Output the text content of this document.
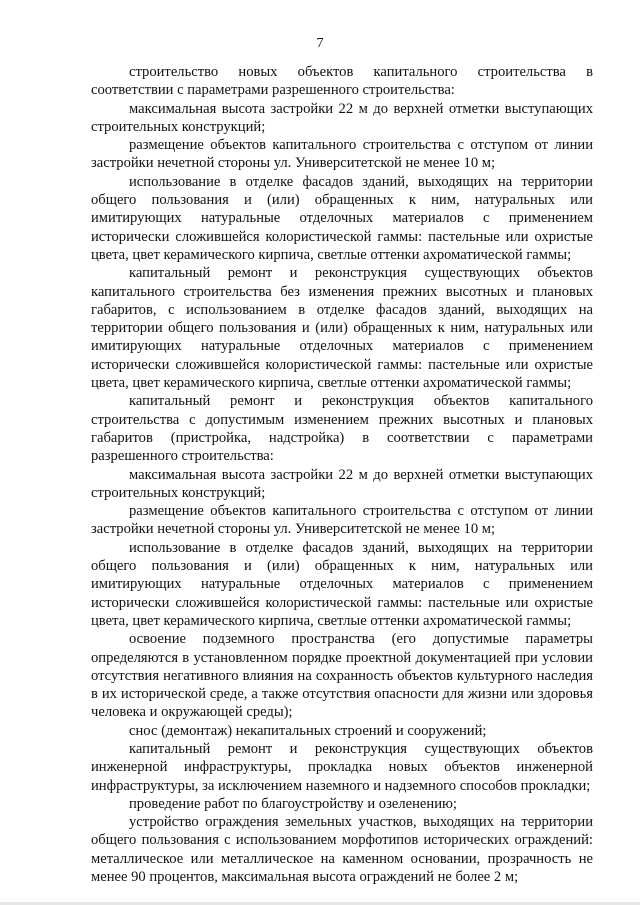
7

строительство новых объектов капитального строительства в соответствии с параметрами разрешенного строительства:

максимальная высота застройки 22 м до верхней отметки выступающих строительных конструкций;

размещение объектов капитального строительства с отступом от линии застройки нечетной стороны ул. Университетской не менее 10 м;

использование в отделке фасадов зданий, выходящих на территории общего пользования и (или) обращенных к ним, натуральных или имитирующих натуральные отделочных материалов с применением исторически сложившейся колористической гаммы: пастельные или охристые цвета, цвет керамического кирпича, светлые оттенки ахроматической гаммы;

капитальный ремонт и реконструкция существующих объектов капитального строительства без изменения прежних высотных и плановых габаритов, с использованием в отделке фасадов зданий, выходящих на территории общего пользования и (или) обращенных к ним, натуральных или имитирующих натуральные отделочных материалов с применением исторически сложившейся колористической гаммы: пастельные или охристые цвета, цвет керамического кирпича, светлые оттенки ахроматической гаммы;

капитальный ремонт и реконструкция объектов капитального строительства с допустимым изменением прежних высотных и плановых габаритов (пристройка, надстройка) в соответствии с параметрами разрешенного строительства:

максимальная высота застройки 22 м до верхней отметки выступающих строительных конструкций;

размещение объектов капитального строительства с отступом от линии застройки нечетной стороны ул. Университетской не менее 10 м;

использование в отделке фасадов зданий, выходящих на территории общего пользования и (или) обращенных к ним, натуральных или имитирующих натуральные отделочных материалов с применением исторически сложившейся колористической гаммы: пастельные или охристые цвета, цвет керамического кирпича, светлые оттенки ахроматической гаммы;

освоение подземного пространства (его допустимые параметры определяются в установленном порядке проектной документацией при условии отсутствия негативного влияния на сохранность объектов культурного наследия в их исторической среде, а также отсутствия опасности для жизни или здоровья человека и окружающей среды);

снос (демонтаж) некапитальных строений и сооружений;

капитальный ремонт и реконструкция существующих объектов инженерной инфраструктуры, прокладка новых объектов инженерной инфраструктуры, за исключением наземного и надземного способов прокладки;

проведение работ по благоустройству и озеленению;

устройство ограждения земельных участков, выходящих на территории общего пользования с использованием морфотипов исторических ограждений: металлическое или металлическое на каменном основании, прозрачность не менее 90 процентов, максимальная высота ограждений не более 2 м;
